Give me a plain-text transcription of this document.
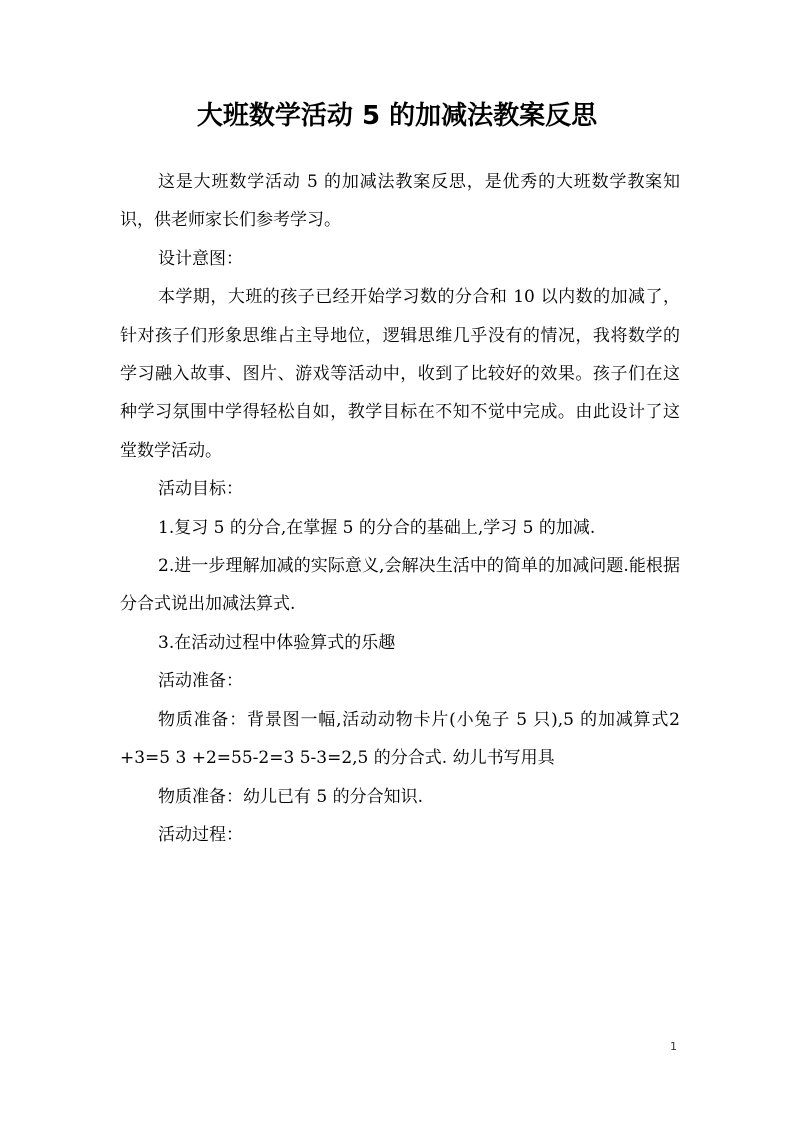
大班数学活动 5 的加减法教案反思

这是大班数学活动 5 的加减法教案反思，是优秀的大班数学教案知识，供老师家长们参考学习。

设计意图：

本学期，大班的孩子已经开始学习数的分合和 10 以内数的加减了，针对孩子们形象思维占主导地位，逻辑思维几乎没有的情况，我将数学的学习融入故事、图片、游戏等活动中，收到了比较好的效果。孩子们在这种学习氛围中学得轻松自如，教学目标在不知不觉中完成。由此设计了这堂数学活动。

活动目标：

1.复习 5 的分合,在掌握 5 的分合的基础上,学习 5 的加减.

2.进一步理解加减的实际意义,会解决生活中的简单的加减问题.能根据分合式说出加减法算式.

3.在活动过程中体验算式的乐趣

活动准备：

物质准备：背景图一幅,活动动物卡片(小兔子 5 只),5 的加减算式2 +3=5 3 +2=55-2=3 5-3=2,5 的分合式. 幼儿书写用具

物质准备：幼儿已有 5 的分合知识.

活动过程：

1
